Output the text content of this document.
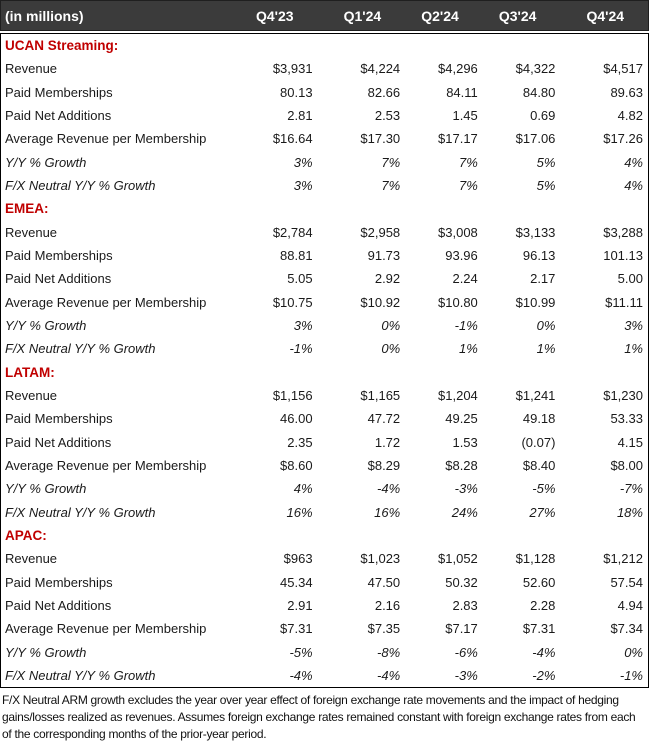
(in millions)	Q4'23	Q1'24	Q2'24	Q3'24	Q4'24
UCAN Streaming:
Revenue	$3,931	$4,224	$4,296	$4,322	$4,517
Paid Memberships	80.13	82.66	84.11	84.80	89.63
Paid Net Additions	2.81	2.53	1.45	0.69	4.82
Average Revenue per Membership	$16.64	$17.30	$17.17	$17.06	$17.26
Y/Y % Growth	3%	7%	7%	5%	4%
F/X Neutral Y/Y % Growth	3%	7%	7%	5%	4%
EMEA:
Revenue	$2,784	$2,958	$3,008	$3,133	$3,288
Paid Memberships	88.81	91.73	93.96	96.13	101.13
Paid Net Additions	5.05	2.92	2.24	2.17	5.00
Average Revenue per Membership	$10.75	$10.92	$10.80	$10.99	$11.11
Y/Y % Growth	3%	0%	-1%	0%	3%
F/X Neutral Y/Y % Growth	-1%	0%	1%	1%	1%
LATAM:
Revenue	$1,156	$1,165	$1,204	$1,241	$1,230
Paid Memberships	46.00	47.72	49.25	49.18	53.33
Paid Net Additions	2.35	1.72	1.53	(0.07)	4.15
Average Revenue per Membership	$8.60	$8.29	$8.28	$8.40	$8.00
Y/Y % Growth	4%	-4%	-3%	-5%	-7%
F/X Neutral Y/Y % Growth	16%	16%	24%	27%	18%
APAC:
Revenue	$963	$1,023	$1,052	$1,128	$1,212
Paid Memberships	45.34	47.50	50.32	52.60	57.54
Paid Net Additions	2.91	2.16	2.83	2.28	4.94
Average Revenue per Membership	$7.31	$7.35	$7.17	$7.31	$7.34
Y/Y % Growth	-5%	-8%	-6%	-4%	0%
F/X Neutral Y/Y % Growth	-4%	-4%	-3%	-2%	-1%
F/X Neutral ARM growth excludes the year over year effect of foreign exchange rate movements and the impact of hedging gains/losses realized as revenues. Assumes foreign exchange rates remained constant with foreign exchange rates from each of the corresponding months of the prior-year period.
